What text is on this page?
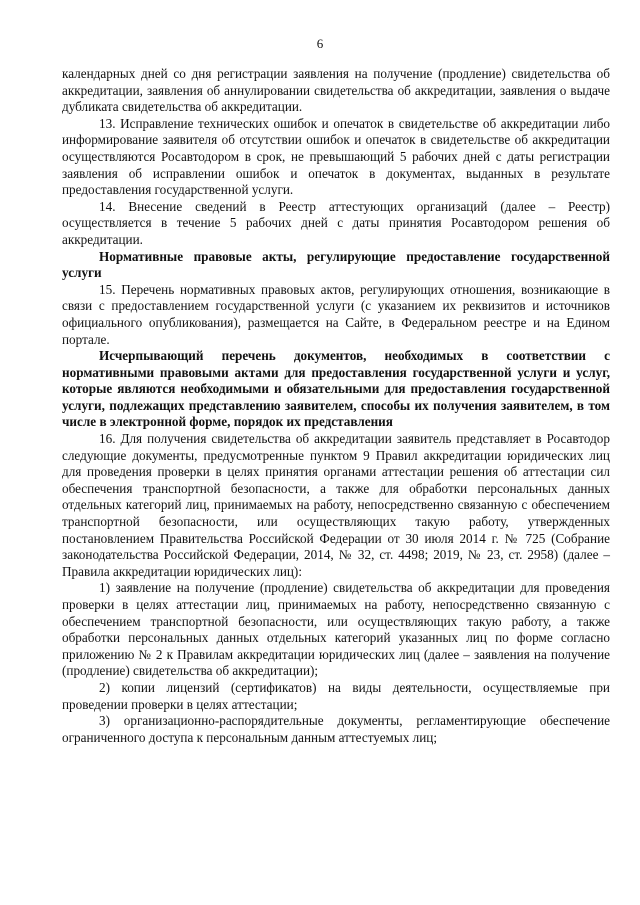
6

календарных дней со дня регистрации заявления на получение (продление) свидетельства об аккредитации, заявления об аннулировании свидетельства об аккредитации, заявления о выдаче дубликата свидетельства об аккредитации.

13. Исправление технических ошибок и опечаток в свидетельстве об аккредитации либо информирование заявителя об отсутствии ошибок и опечаток в свидетельстве об аккредитации осуществляются Росавтодором в срок, не превышающий 5 рабочих дней с даты регистрации заявления об исправлении ошибок и опечаток в документах, выданных в результате предоставления государственной услуги.

14. Внесение сведений в Реестр аттестующих организаций (далее – Реестр) осуществляется в течение 5 рабочих дней с даты принятия Росавтодором решения об аккредитации.

Нормативные правовые акты, регулирующие предоставление государственной услуги

15. Перечень нормативных правовых актов, регулирующих отношения, возникающие в связи с предоставлением государственной услуги (с указанием их реквизитов и источников официального опубликования), размещается на Сайте, в Федеральном реестре и на Едином портале.

Исчерпывающий перечень документов, необходимых в соответствии с нормативными правовыми актами для предоставления государственной услуги и услуг, которые являются необходимыми и обязательными для предоставления государственной услуги, подлежащих представлению заявителем, способы их получения заявителем, в том числе в электронной форме, порядок их представления

16. Для получения свидетельства об аккредитации заявитель представляет в Росавтодор следующие документы, предусмотренные пунктом 9 Правил аккредитации юридических лиц для проведения проверки в целях принятия органами аттестации решения об аттестации сил обеспечения транспортной безопасности, а также для обработки персональных данных отдельных категорий лиц, принимаемых на работу, непосредственно связанную с обеспечением транспортной безопасности, или осуществляющих такую работу, утвержденных постановлением Правительства Российской Федерации от 30 июля 2014 г. № 725 (Собрание законодательства Российской Федерации, 2014, № 32, ст. 4498; 2019, № 23, ст. 2958) (далее – Правила аккредитации юридических лиц):

1) заявление на получение (продление) свидетельства об аккредитации для проведения проверки в целях аттестации лиц, принимаемых на работу, непосредственно связанную с обеспечением транспортной безопасности, или осуществляющих такую работу, а также обработки персональных данных отдельных категорий указанных лиц по форме согласно приложению № 2 к Правилам аккредитации юридических лиц (далее – заявления на получение (продление) свидетельства об аккредитации);

2) копии лицензий (сертификатов) на виды деятельности, осуществляемые при проведении проверки в целях аттестации;

3) организационно-распорядительные документы, регламентирующие обеспечение ограниченного доступа к персональным данным аттестуемых лиц;
